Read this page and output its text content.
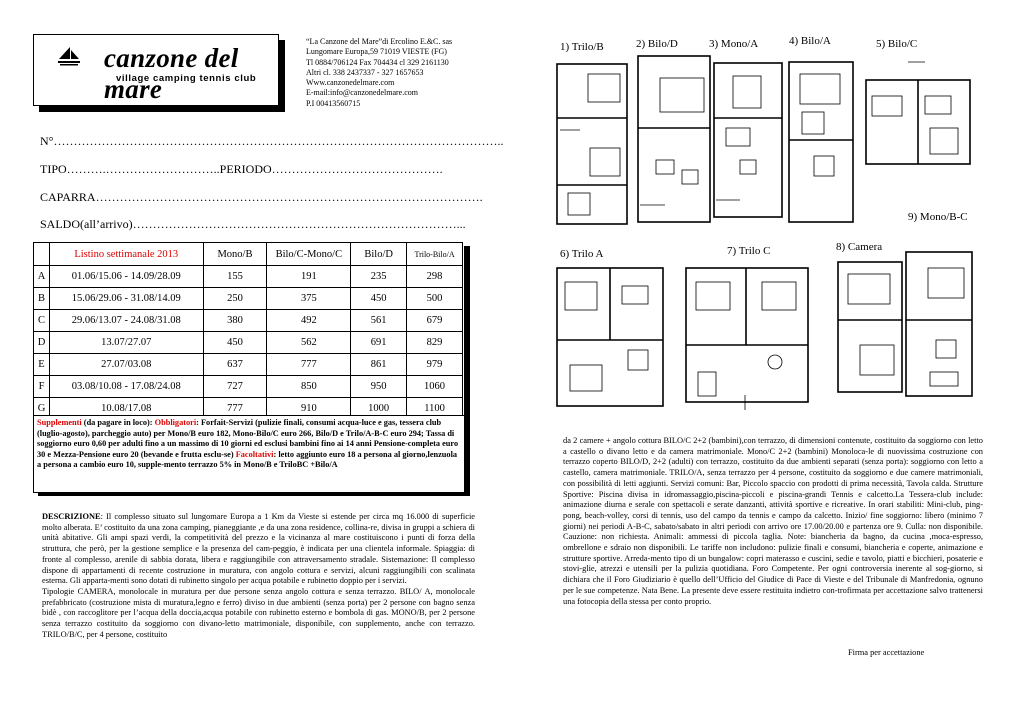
canzone del mare
village camping tennis club
“La Canzone del Mare”di Ercolino E.&C. sas
Lungomare Europa,59 71019 VIESTE (FG)
Tl 0884/706124 Fax 704434 cl 329 2161130
Altri cl. 338 2437337 - 327 1657653
Www.canzonedelmare.com
E-mail:info@canzonedelmare.com
P.I 00413560715
N°…………………………………………………………………………………………………..
TIPO……….………………………..PERIODO…………………………………….
CAPARRA…………………………………………………………………………………….
SALDO(all’arrivo)………………………………………………………………………...
	Listino settimanale 2013	Mono/B	Bilo/C-Mono/C	Bilo/D	Trilo-Bilo/A
A	01.06/15.06 - 14.09/28.09	155	191	235	298
B	15.06/29.06 - 31.08/14.09	250	375	450	500
C	29.06/13.07 - 24.08/31.08	380	492	561	679
D	13.07/27.07	450	562	691	829
E	27.07/03.08	637	777	861	979
F	03.08/10.08 - 17.08/24.08	727	850	950	1060
G	10.08/17.08	777	910	1000	1100
Supplementi (da pagare in loco): Obbligatori: Forfait-Servizi (pulizie finali, consumi acqua-luce e gas, tessera club (luglio-agosto), parcheggio auto) per Mono/B euro 182, Mono-Bilo/C euro 266, Bilo/D e Trilo/A-B-C euro 294; Tassa di soggiorno euro 0,60 per adulti fino a un massimo di 10 giorni ed esclusi bambini fino ai 14 anni Pensione-completa euro 30 e Mezza-Pensione euro 20 (bevande e frutta esclu-se) Facoltativi: letto aggiunto euro 18 a persona al giorno,lenzuola a persona a cambio euro 10, supple-mento terrazzo 5% in Mono/B e TriloBC +Bilo/A
DESCRIZIONE: Il complesso situato sul lungomare Europa a 1 Km da Vieste si estende per circa mq 16.000 di superficie molto alberata. E’ costituito da una zona camping, pianeggiante ,e da una zona residence, collina-re, divisa in gruppi a schiera di unità abitative. Gli ampi spazi verdi, la competitività del prezzo e la vicinanza al mare costituiscono i punti di forza della struttura, che però, per la gestione semplice e la presenza del cam-peggio, è indicata per una clientela informale. Spiaggia: di fronte al complesso, arenile di sabbia dorata, libera e raggiungibile con attraversamento stradale. Sistemazione: Il complesso dispone di appartamenti di recente costruzione in muratura, con angolo cottura e servizi, alcuni raggiungibili con scalinata esterna. Gli apparta-menti sono dotati di rubinetto singolo per acqua potabile e rubinetto doppio per i servizi.
Tipologie CAMERA, monolocale in muratura per due persone senza angolo cottura e senza terrazzo. BILO/ A, monolocale prefabbricato (costruzione mista di muratura,legno e ferro) diviso in due ambienti (senza porta) per 2 persone con bagno senza bidè , con raccoglitore per l’acqua della doccia,acqua potabile con rubinetto esterno e bombola di gas. MONO/B, per 2 persone senza terrazzo costituito da soggiorno con divano-letto matrimoniale, disponibile, con supplemento, anche con terrazzo. TRILO/B/C, per 4 persone, costituito
da 2 camere + angolo cottura BILO/C 2+2 (bambini),con terrazzo, di dimensioni contenute, costituito da soggiorno con letto a castello o divano letto e da camera matrimoniale. Mono/C 2+2 (bambini) Monoloca-le di nuovissima costruzione con terrazzo coperto BILO/D, 2+2 (adulti) con terrazzo, costituito da due ambienti separati (senza porta): soggiorno con letto a castello, camera matrimoniale. TRILO/A, senza terrazzo per 4 persone, costituito da soggiorno e due camere matrimoniali, con possibilità di letti aggiunti. Servizi comuni: Bar, Piccolo spaccio con prodotti di prima necessità, Tavola calda. Strutture Sportive: Piscina divisa in idromassaggio,piscina-piccoli e piscina-grandi Tennis e calcetto.La Tessera-club include: animazione diurna e serale con spettacoli e serate danzanti, attività sportive e ricreative. In orari stabiliti: Mini-club, ping-pong, beach-volley, corsi di tennis, uso del campo da tennis e campo da calcetto. Inizio/ fine soggiorno: libero (minimo 7 giorni) nei periodi A-B-C, sabato/sabato in altri periodi con arrivo ore 17.00/20.00 e partenza ore 9. Culla: non disponibile. Cauzione: non richiesta. Animali: ammessi di piccola taglia. Note: biancheria da bagno, da cucina ,moca-espresso, ombrellone e sdraio non disponibili. Le tariffe non includono: pulizie finali e consumi, biancheria e coperte, animazione e strutture sportive. Arreda-mento tipo di un bungalow: copri materasso e cuscini, sedie e tavolo, piatti e bicchieri, posaterie e stovi-glie, atrezzi e utensili per la pulizia quotidiana. Foro Competente. Per ogni controversia inerente al sog-giorno, si dichiara che il Foro Giudiziario è quello dell’Ufficio del Giudice di Pace di Vieste e del Tribunale di Manfredonia, ognuno per le sue competenze. Nata Bene. La presente deve essere restituita indietro con-trofirmata per accettazione salvo trattenersi una fotocopia della stessa per conto proprio.
Firma per accettazione
1) Trilo/B	2) Bilo/D	3) Mono/A	4) Bilo/A	5) Bilo/C
9) Mono/B-C
6) Trilo A	7) Trilo C	8) Camera
